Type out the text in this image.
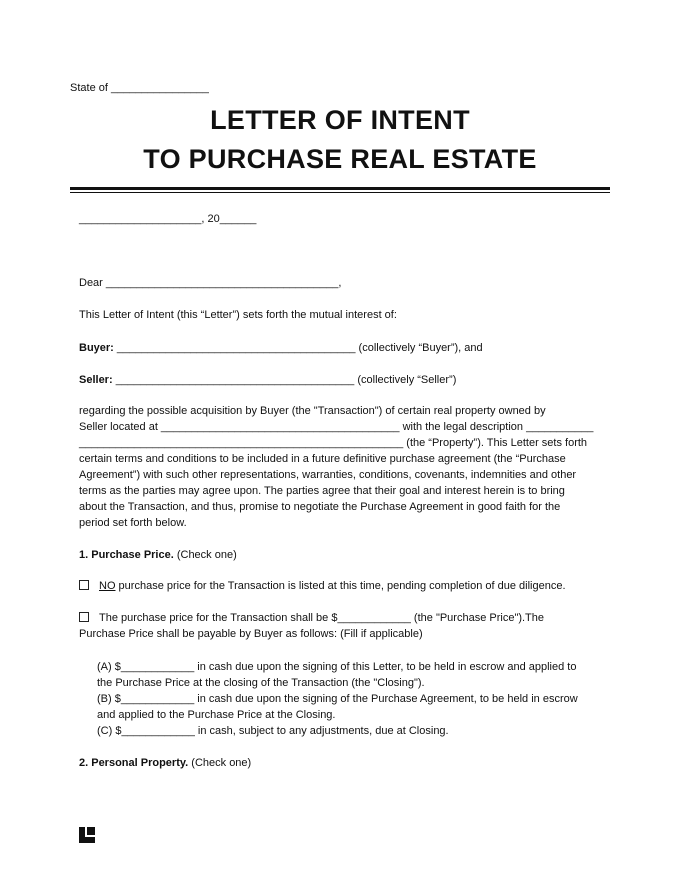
State of ________________
LETTER OF INTENT
TO PURCHASE REAL ESTATE
____________________, 20______
Dear ______________________________________,
This Letter of Intent (this “Letter”) sets forth the mutual interest of:
Buyer: _______________________________________ (collectively “Buyer”), and
Seller: _______________________________________ (collectively “Seller”)
regarding the possible acquisition by Buyer (the "Transaction") of certain real property owned by
Seller located at _______________________________________ with the legal description ___________
_____________________________________________________ (the “Property”). This Letter sets forth
certain terms and conditions to be included in a future definitive purchase agreement (the “Purchase
Agreement”) with such other representations, warranties, conditions, covenants, indemnities and other
terms as the parties may agree upon. The parties agree that their goal and interest herein is to bring
about the Transaction, and thus, promise to negotiate the Purchase Agreement in good faith for the
period set forth below.
1. Purchase Price. (Check one)
NO purchase price for the Transaction is listed at this time, pending completion of due diligence.
The purchase price for the Transaction shall be $____________ (the "Purchase Price").The
Purchase Price shall be payable by Buyer as follows: (Fill if applicable)
(A) $____________ in cash due upon the signing of this Letter, to be held in escrow and applied to
the Purchase Price at the closing of the Transaction (the "Closing").
(B) $____________ in cash due upon the signing of the Purchase Agreement, to be held in escrow
and applied to the Purchase Price at the Closing.
(C) $____________ in cash, subject to any adjustments, due at Closing.
2. Personal Property. (Check one)
